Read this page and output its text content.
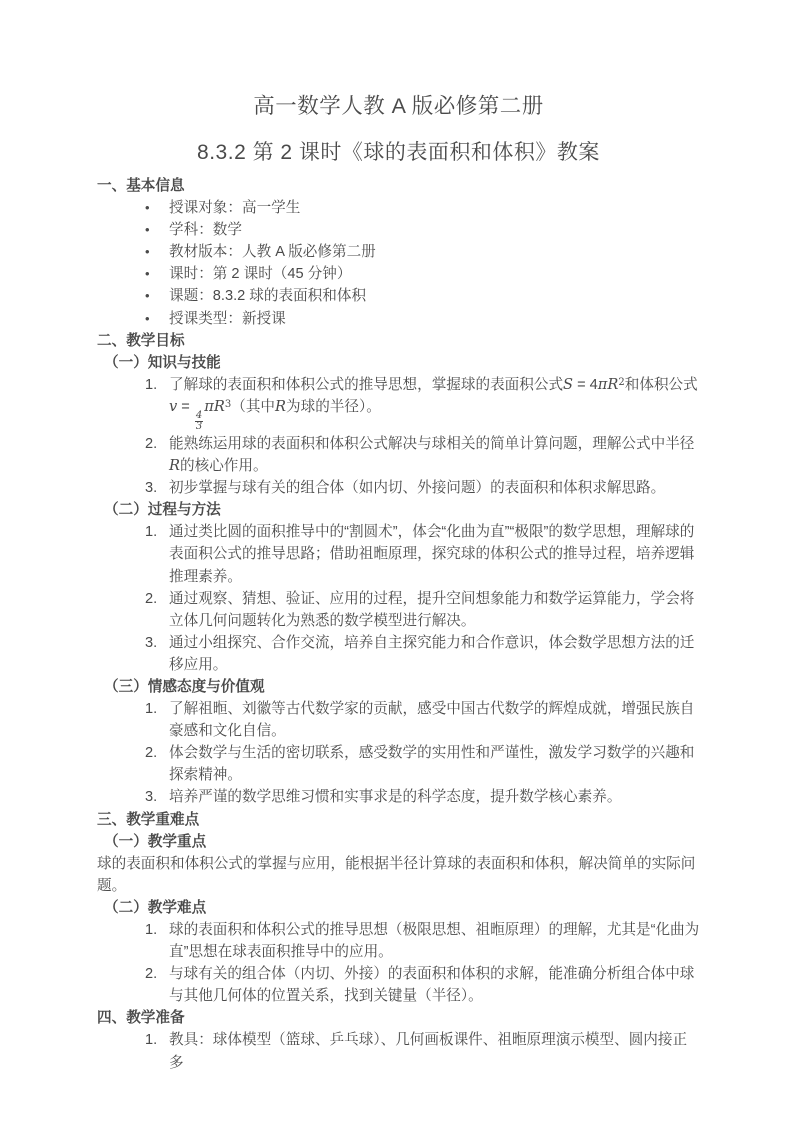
高一数学人教 A 版必修第二册
8.3.2 第 2 课时《球的表面积和体积》教案
一、基本信息
•	授课对象：高一学生
•	学科：数学
•	教材版本：人教 A 版必修第二册
•	课时：第 2 课时（45 分钟）
•	课题：8.3.2 球的表面积和体积
•	授课类型：新授课
二、教学目标
（一）知识与技能
1. 了解球的表面积和体积公式的推导思想，掌握球的表面积公式$S = 4\pi R^2$和体积公式
v =
$\frac{4}{3}$
$\pi R^3$（其中R为球的半径）。
2. 能熟练运用球的表面积和体积公式解决与球相关的简单计算问题，理解公式中半径R的核心作用。
3. 初步掌握与球有关的组合体（如内切、外接问题）的表面积和体积求解思路。
（二）过程与方法
1. 通过类比圆的面积推导中的“割圆术”，体会“化曲为直”“极限”的数学思想，理解球的表面积公式的推导思路；借助祖暅原理，探究球的体积公式的推导过程，培养逻辑推理素养。
2. 通过观察、猜想、验证、应用的过程，提升空间想象能力和数学运算能力，学会将立体几何问题转化为熟悉的数学模型进行解决。
3. 通过小组探究、合作交流，培养自主探究能力和合作意识，体会数学思想方法的迁移应用。
（三）情感态度与价值观
1. 了解祖暅、刘徽等古代数学家的贡献，感受中国古代数学的辉煌成就，增强民族自豪感和文化自信。
2. 体会数学与生活的密切联系，感受数学的实用性和严谨性，激发学习数学的兴趣和探索精神。
3. 培养严谨的数学思维习惯和实事求是的科学态度，提升数学核心素养。
三、教学重难点
（一）教学重点

球的表面积和体积公式的掌握与应用，能根据半径计算球的表面积和体积，解决简单的实际问题。

（二）教学难点
1. 球的表面积和体积公式的推导思想（极限思想、祖暅原理）的理解，尤其是“化曲为直”思想在球表面积推导中的应用。
2. 与球有关的组合体（内切、外接）的表面积和体积的求解，能准确分析组合体中球与其他几何体的位置关系，找到关键量（半径）。
四、教学准备
1. 教具：球体模型（篮球、乒乓球）、几何画板课件、祖暅原理演示模型、圆内接正多
